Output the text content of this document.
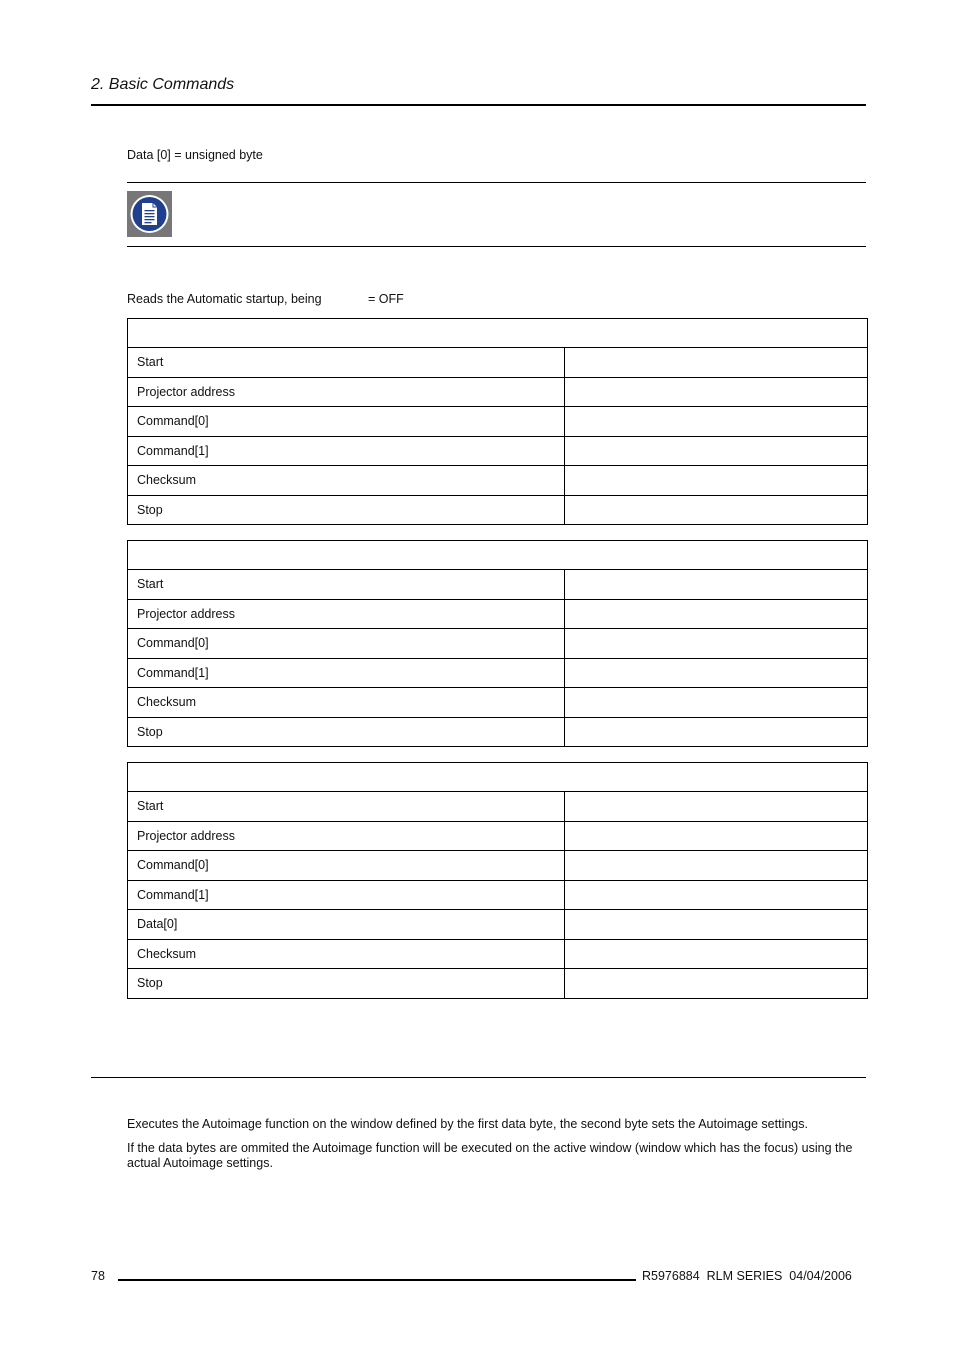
2. Basic Commands
Data [0] = unsigned byte
Reads the Automatic startup, being	= OFF

Start	
Projector address	
Command[0]	
Command[1]	
Checksum	
Stop	

Start	
Projector address	
Command[0]	
Command[1]	
Checksum	
Stop	

Start	
Projector address	
Command[0]	
Command[1]	
Data[0]	
Checksum	
Stop	
Executes the Autoimage function on the window defined by the first data byte, the second byte sets the Autoimage settings.
If the data bytes are ommited the Autoimage function will be executed on the active window (window which has the focus) using the actual Autoimage settings.
78	R5976884  RLM SERIES  04/04/2006
